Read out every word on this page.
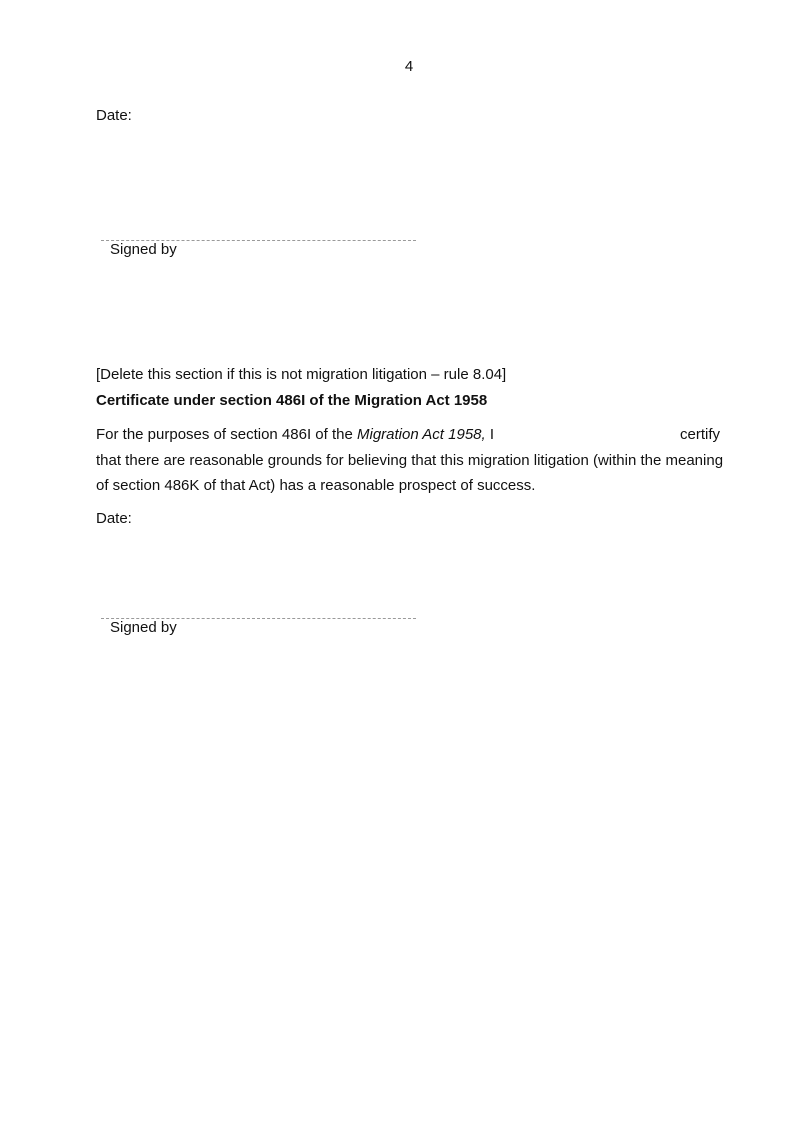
4
Date:
Signed by
[Delete this section if this is not migration litigation – rule 8.04]
Certificate under section 486I of the Migration Act 1958
For the purposes of section 486I of the Migration Act 1958, I	certify
that there are reasonable grounds for believing that this migration litigation (within the meaning
of section 486K of that Act) has a reasonable prospect of success.
Date:
Signed by
